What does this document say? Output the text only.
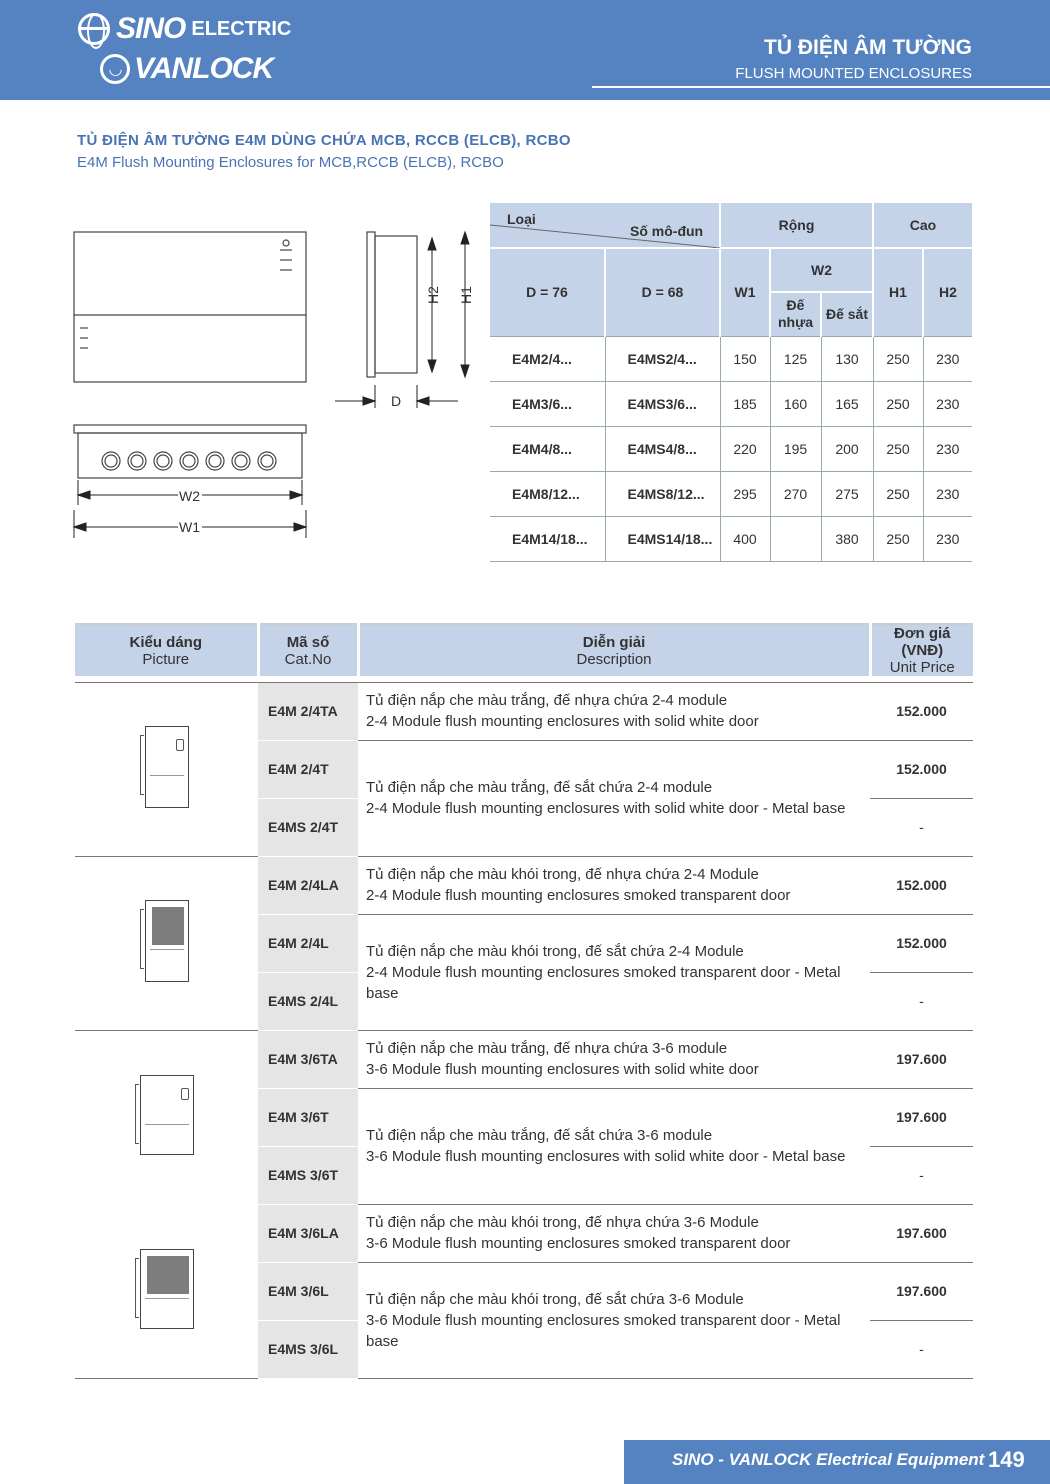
SINO ELECTRIC
◡ VANLOCK
TỦ ĐIỆN ÂM TƯỜNG
FLUSH MOUNTED ENCLOSURES
TỦ ĐIỆN ÂM TƯỜNG E4M DÙNG CHỨA MCB, RCCB (ELCB), RCBO
E4M Flush Mounting Enclosures for MCB,RCCB (ELCB), RCBO
H2 H1
D
W2
W1
Loại
Số mô-đun		Rộng			Cao	
D = 76	D = 68	W1	W2		H1	H2
			Đế nhựa	Đế sắt		
E4M2/4...	E4MS2/4...	150	125	130	250	230
E4M3/6...	E4MS3/6...	185	160	165	250	230
E4M4/8...	E4MS4/8...	220	195	200	250	230
E4M8/12...	E4MS8/12...	295	270	275	250	230
E4M14/18...	E4MS14/18...	400		380	250	230
Kiểu dáng
Picture	Mã số
Cat.No	Diễn giải
Description	Đơn giá (VNĐ)
Unit Price

	E4M 2/4TA	Tủ điện nắp che màu trắng, đế nhựa chứa 2-4 module
2-4 Module flush mounting enclosures with solid white door	152.000
	E4M 2/4T	Tủ điện nắp che màu trắng, đế sắt chứa 2-4 module
2-4 Module flush mounting enclosures with solid white door - Metal base	152.000
	E4MS 2/4T		-

	E4M 2/4LA	Tủ điện nắp che màu khói trong, đế nhựa chứa 2-4 Module
2-4 Module flush mounting enclosures smoked transparent door	152.000
	E4M 2/4L	Tủ điện nắp che màu khói trong, đế sắt chứa 2-4 Module
2-4 Module flush mounting enclosures smoked transparent door - Metal base	152.000
	E4MS 2/4L		-

	E4M 3/6TA	Tủ điện nắp che màu trắng, đế nhựa chứa 3-6 module
3-6 Module flush mounting enclosures with solid white door	197.600
	E4M 3/6T	Tủ điện nắp che màu trắng, đế sắt chứa 3-6 module
3-6 Module flush mounting enclosures with solid white door - Metal base	197.600
	E4MS 3/6T		-

	E4M 3/6LA	Tủ điện nắp che màu khói trong, đế nhựa chứa 3-6 Module
3-6 Module flush mounting enclosures smoked transparent door	197.600
	E4M 3/6L	Tủ điện nắp che màu khói trong, đế sắt chứa 3-6 Module
3-6 Module flush mounting enclosures smoked transparent door - Metal base	197.600
	E4MS 3/6L		-
SINO - VANLOCK Electrical Equipment 149
